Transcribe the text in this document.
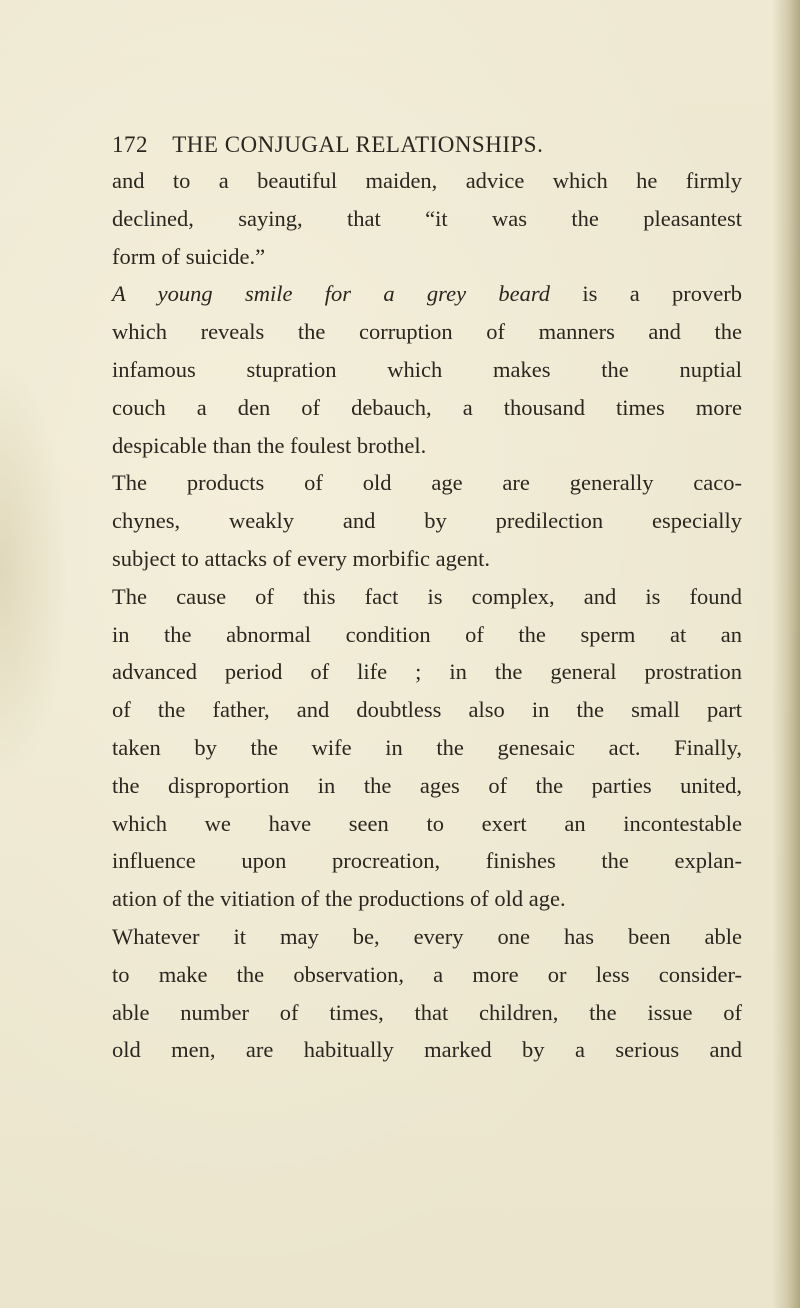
172 THE CONJUGAL RELATIONSHIPS.
and to a beautiful maiden, advice which he firmly
declined, saying, that “it was the pleasantest
form of suicide.”
A young smile for a grey beard is a proverb
which reveals the corruption of manners and the
infamous stupration which makes the nuptial
couch a den of debauch, a thousand times more
despicable than the foulest brothel.
The products of old age are generally caco-
chynes, weakly and by predilection especially
subject to attacks of every morbific agent.
The cause of this fact is complex, and is found
in the abnormal condition of the sperm at an
advanced period of life ; in the general prostration
of the father, and doubtless also in the small part
taken by the wife in the genesaic act. Finally,
the disproportion in the ages of the parties united,
which we have seen to exert an incontestable
influence upon procreation, finishes the explan-
ation of the vitiation of the productions of old age.
Whatever it may be, every one has been able
to make the observation, a more or less consider-
able number of times, that children, the issue of
old men, are habitually marked by a serious and
